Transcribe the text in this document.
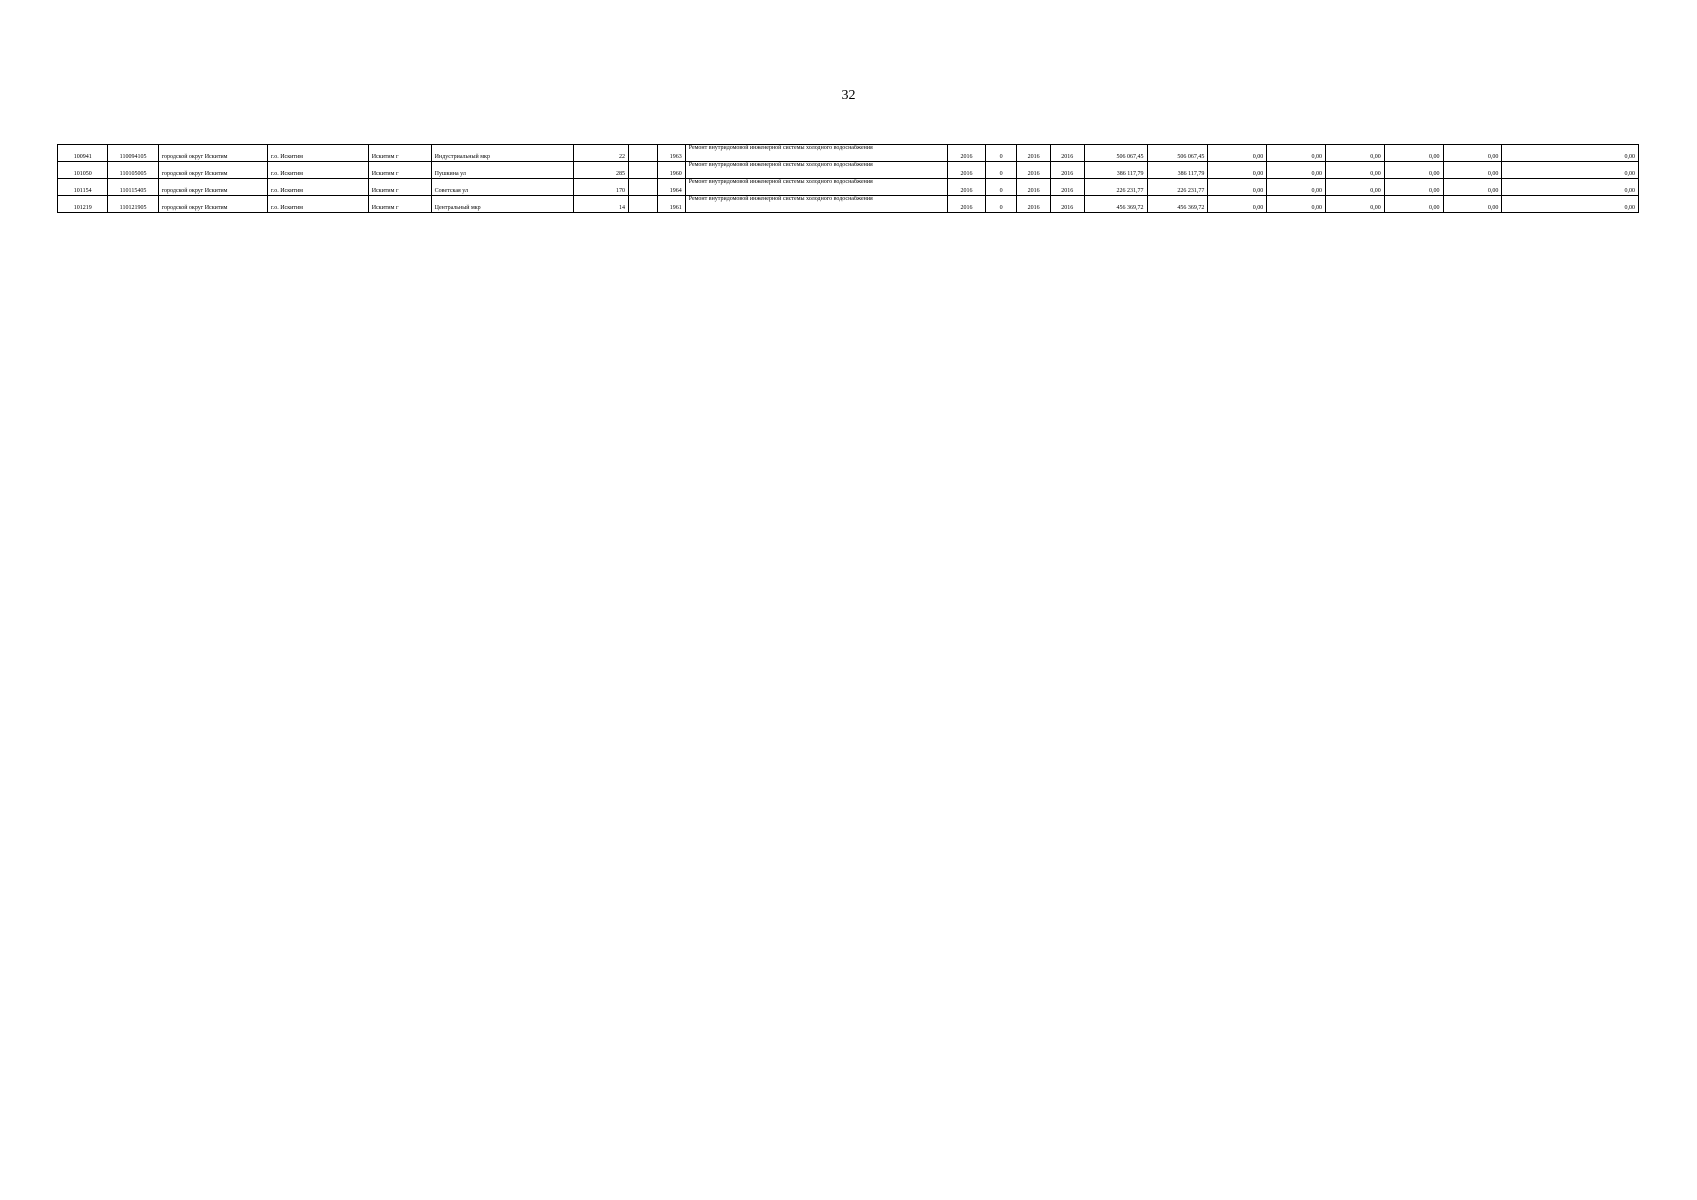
32
100941	110094105	городской округ Искитим	г.о. Искитим	Искитим г	Индустриальный мкр	22		1963	Ремонт внутридомовой инженерной системы холодного водоснабжения	2016	0	2016	2016	506 067,45	506 067,45	0,00	0,00	0,00	0,00	0,00	0,00
101050	110105005	городской округ Искитим	г.о. Искитим	Искитим г	Пушкина ул	285		1960	Ремонт внутридомовой инженерной системы холодного водоснабжения	2016	0	2016	2016	386 117,79	386 117,79	0,00	0,00	0,00	0,00	0,00	0,00
101154	110115405	городской округ Искитим	г.о. Искитим	Искитим г	Советская ул	170		1964	Ремонт внутридомовой инженерной системы холодного водоснабжения	2016	0	2016	2016	226 231,77	226 231,77	0,00	0,00	0,00	0,00	0,00	0,00
101219	110121905	городской округ Искитим	г.о. Искитим	Искитим г	Центральный мкр	14		1961	Ремонт внутридомовой инженерной системы холодного водоснабжения	2016	0	2016	2016	456 369,72	456 369,72	0,00	0,00	0,00	0,00	0,00	0,00
